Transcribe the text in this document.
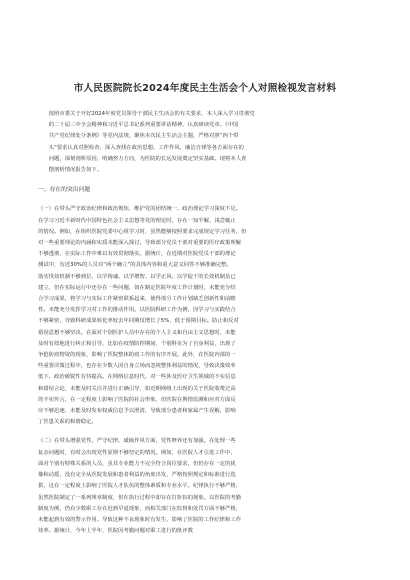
市人民医院院长2024年度民主生活会个人对照检视发言材料

按照市委关于开好2024年度党员领导干部民主生活会的有关要求，本人深入学习贯彻党
的二十届三中全会精神和习近平总书记系列重要讲话精神，认真研读党章、《中国
共产党纪律处分条例》等党内法规，聚焦本次民主生活会主题，严格对照“四个带
头”要求认真对照检查，深入查找在政治思想、工作作风、廉洁自律等各方面存在的
问题，深刻剖析原因，明确努力方向，为医院的长远发展奠定坚实基础。现将本人查
摆剖析情况报告如下。

一、存在的突出问题

（一）在带头严守政治纪律和政治规矩，维护党的团结统一、政治理论学习深度不足。
在学习习近平新时代中国特色社会主义思想等党的理论时，存在一知半解、浅尝辄止
的情况。例如，在组织医院党委中心组学习时，虽然能够按照要求完成规定学习任务，但
对一些重要理论的内涵和实质未能深入探讨，导致部分党员干部对重要的医疗政策理解
不够透彻，在实际工作中难以有效贯彻落实。据统计，在近期对医院党员干部的理论
测试中，有近30%的人员对“两个确立”的具体内容和重大意义回答不够准确完整。
落实伐效机制不够到位，以学铸魂、以学增智、以学正风、以学促干的长效机制虽已
建立，但在实际运行中还存在一些问题，如在制定医院年度工作计划时，未能充分结
合学习成果，将学习与实际工作紧密联系起来，使得部分工作计划缺乏创新性和前瞻
性。未能充分发挥学习对工作的推动作用。以医院科研工作为例，因学习与实践结合
不够紧密，导致科研成果转化率较去年同期仅增长了5%，低于预期目标。防止和反对
错误思想不够坚决。在面对个别医护人员中存在的个人主义和自由主义思想时，未能
及时有效地进行纠正和引导，比如在疫情防控期间，个别科室为了自身利益，出现了
争抢防疫物资的现象，影响了医院整体防疫工作的有序开展。此外，在医院内部的一
些重要决策过程中，也存在少数人因自身立场而忽视整体利益的情况，导致决策效率
低下、政治敏锐性有待提高。在网络信息时代，对一些涉及医疗卫生领域的不实信息
和错误言论，未能及时关注并进行正确引导，如近期网络上出现的关于医院收费过高
的不实传言，在一定程度上影响了医院的社会形象，但医院在舆情监测和应对方面反
应不够迅速，未能及时发布权威信息予以澄清，导致部分患者和家属产生误解，影响
了医患关系的和谐稳定。

（二）在带头增强党性、严守纪律、砥砺作风方面，党性修养还有加强。在处理一些
复杂问题时，有时会出现党性原则不够坚定的情况。例如，在医院人才引进工作中，
面对个别有特殊关系的人员，虽其专业能力不完全符合岗位要求，但仍存在一定的犹
豫和动摇，没有完全从医院发展和患者利益的角度出发，严格按照规定和标准进行选
拔，这在一定程度上影响了医院人才队伍的整体素质和专业水平。纪律执行不够严格，
虽然医院制定了一系列规章制度，但在执行过程中却存在打折扣的现象。以医院的考勤
制度为例，仍有少数职工存在迟到早退现象，而相关部门在监督和处罚方面不够严格，
未能起到有效的警示作用。导致这种不良现象时有发生，影响了医院的工作纪律和工作
效率。据统计，今年上半年，医院因考勤问题对职工进行的批评教
